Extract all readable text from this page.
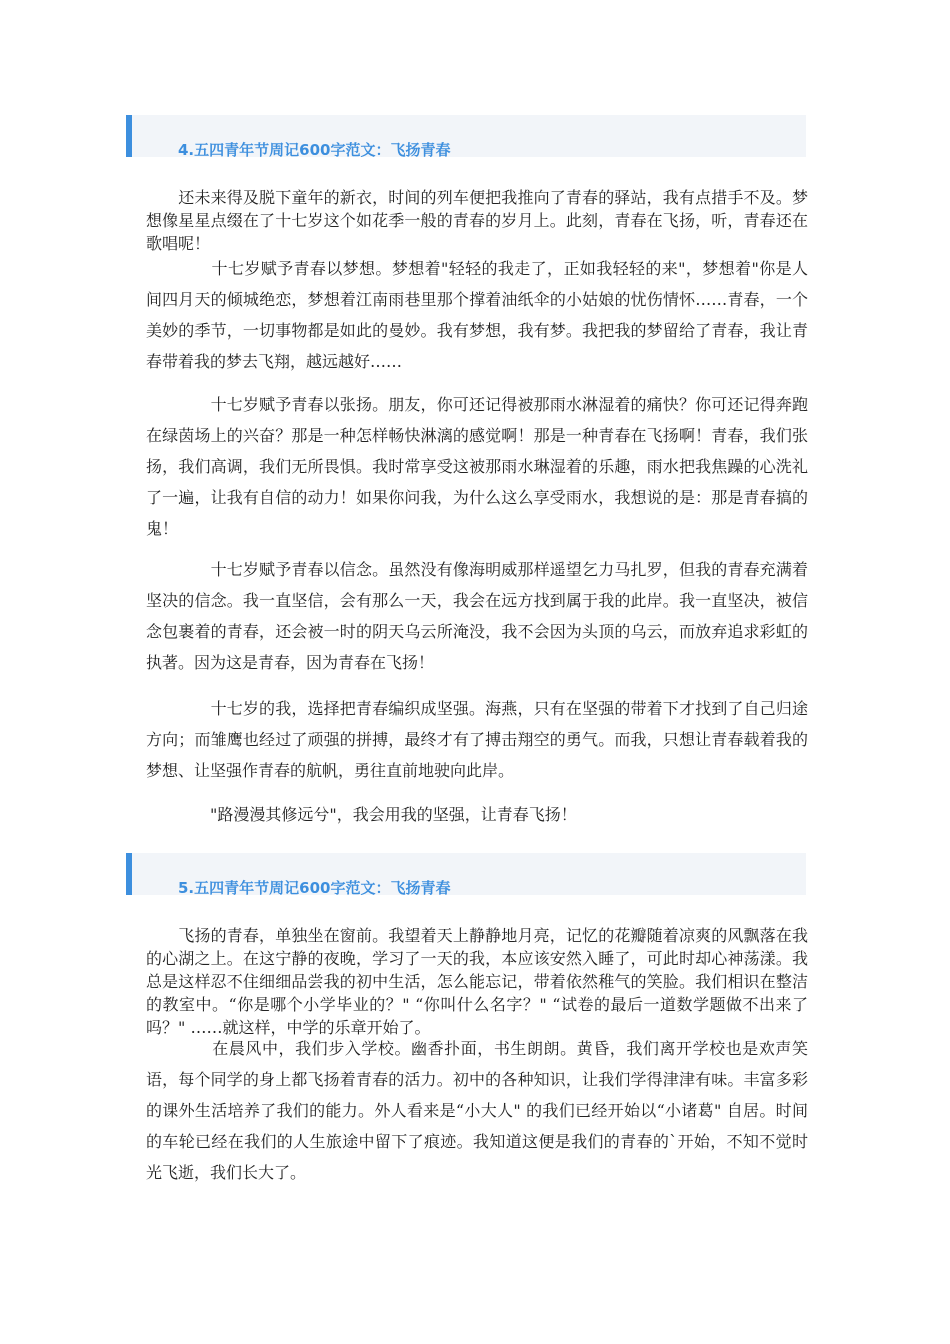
4.五四青年节周记600字范文：飞扬青春

　　还未来得及脱下童年的新衣，时间的列车便把我推向了青春的驿站，我有点措手不及。梦想像星星点缀在了十七岁这个如花季一般的青春的岁月上。此刻，青春在飞扬，听，青春还在歌唱呢！

　　　　十七岁赋予青春以梦想。梦想着"轻轻的我走了，正如我轻轻的来"，梦想着"你是人间四月天的倾城绝恋，梦想着江南雨巷里那个撑着油纸伞的小姑娘的忧伤情怀……青春，一个美妙的季节，一切事物都是如此的曼妙。我有梦想，我有梦。我把我的梦留给了青春，我让青春带着我的梦去飞翔，越远越好……

　　　　十七岁赋予青春以张扬。朋友，你可还记得被那雨水淋湿着的痛快？你可还记得奔跑在绿茵场上的兴奋？那是一种怎样畅快淋漓的感觉啊！那是一种青春在飞扬啊！青春，我们张扬，我们高调，我们无所畏惧。我时常享受这被那雨水琳湿着的乐趣，雨水把我焦躁的心洗礼了一遍，让我有自信的动力！如果你问我，为什么这么享受雨水，我想说的是：那是青春搞的鬼！

　　　　十七岁赋予青春以信念。虽然没有像海明威那样遥望乞力马扎罗，但我的青春充满着坚决的信念。我一直坚信，会有那么一天，我会在远方找到属于我的此岸。我一直坚决，被信念包裹着的青春，还会被一时的阴天乌云所淹没，我不会因为头顶的乌云，而放弃追求彩虹的执著。因为这是青春，因为青春在飞扬！

　　　　十七岁的我，选择把青春编织成坚强。海燕，只有在坚强的带着下才找到了自己归途方向；而雏鹰也经过了顽强的拼搏，最终才有了搏击翔空的勇气。而我，只想让青春载着我的梦想、让坚强作青春的航帆，勇往直前地驶向此岸。

　　　　"路漫漫其修远兮"，我会用我的坚强，让青春飞扬！

5.五四青年节周记600字范文：飞扬青春

　　飞扬的青春，单独坐在窗前。我望着天上静静地月亮，记忆的花瓣随着凉爽的风飘落在我的心湖之上。在这宁静的夜晚，学习了一天的我，本应该安然入睡了，可此时却心神荡漾。我总是这样忍不住细细品尝我的初中生活，怎么能忘记，带着依然稚气的笑脸。我们相识在整洁的教室中。“你是哪个小学毕业的？" “你叫什么名字？" “试卷的最后一道数学题做不出来了吗？" ……就这样，中学的乐章开始了。

　　　　在晨风中，我们步入学校。幽香扑面，书生朗朗。黄昏，我们离开学校也是欢声笑语，每个同学的身上都飞扬着青春的活力。初中的各种知识，让我们学得津津有味。丰富多彩的课外生活培养了我们的能力。外人看来是“小大人" 的我们已经开始以“小诸葛" 自居。时间的车轮已经在我们的人生旅途中留下了痕迹。我知道这便是我们的青春的`开始，不知不觉时光飞逝，我们长大了。
